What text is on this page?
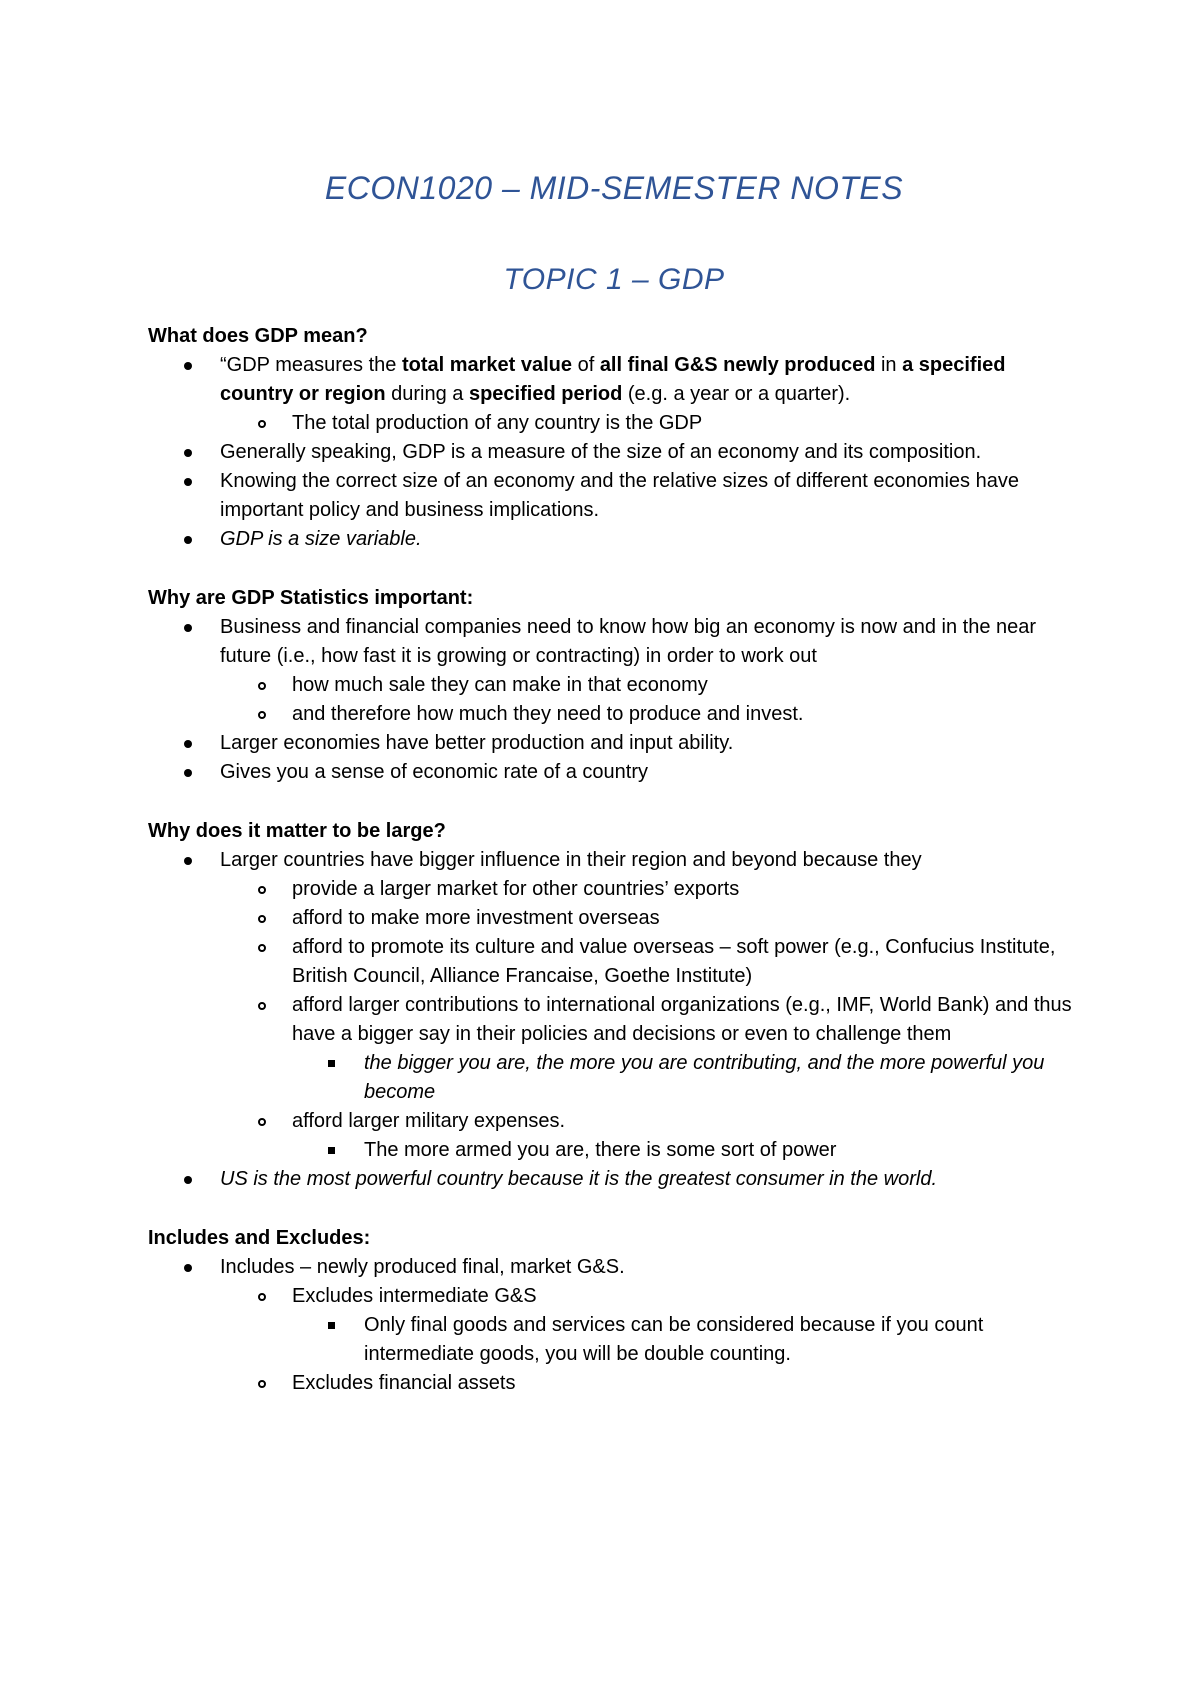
ECON1020 – MID-SEMESTER NOTES
TOPIC 1 – GDP
What does GDP mean?
“GDP measures the total market value of all final G&S newly produced in a specified country or region during a specified period (e.g. a year or a quarter).
The total production of any country is the GDP
Generally speaking, GDP is a measure of the size of an economy and its composition.
Knowing the correct size of an economy and the relative sizes of different economies have important policy and business implications.
GDP is a size variable.
Why are GDP Statistics important:
Business and financial companies need to know how big an economy is now and in the near future (i.e., how fast it is growing or contracting) in order to work out
how much sale they can make in that economy
and therefore how much they need to produce and invest.
Larger economies have better production and input ability.
Gives you a sense of economic rate of a country
Why does it matter to be large?
Larger countries have bigger influence in their region and beyond because they
provide a larger market for other countries’ exports
afford to make more investment overseas
afford to promote its culture and value overseas – soft power (e.g., Confucius Institute, British Council, Alliance Francaise, Goethe Institute)
afford larger contributions to international organizations (e.g., IMF, World Bank) and thus have a bigger say in their policies and decisions or even to challenge them
the bigger you are, the more you are contributing, and the more powerful you become
afford larger military expenses.
The more armed you are, there is some sort of power
US is the most powerful country because it is the greatest consumer in the world.
Includes and Excludes:
Includes – newly produced final, market G&S.
Excludes intermediate G&S
Only final goods and services can be considered because if you count intermediate goods, you will be double counting.
Excludes financial assets
